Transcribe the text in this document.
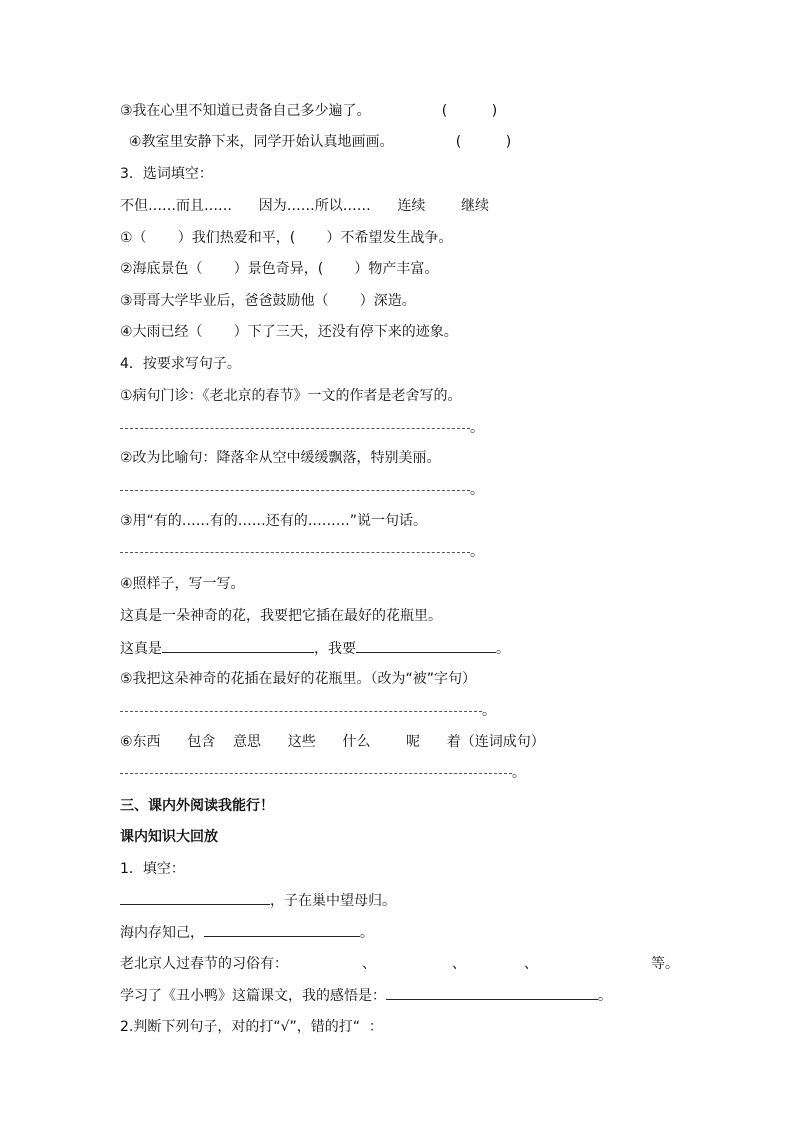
③我在心里不知道已责备自己多少遍了。                (          )
④教室里安静下来，同学开始认真地画画。              (          )
3．选词填空：
不但……而且……      因为……所以……      连续        继续
①（       ）我们热爱和平，(       ）不希望发生战争。
②海底景色（       ）景色奇异，(       ）物产丰富。
③哥哥大学毕业后，爸爸鼓励他（       ）深造。
④大雨已经（       ）下了三天，还没有停下来的迹象。
4．按要求写句子。
①病句门诊：《老北京的春节》一文的作者是老舍写的。
。
②改为比喻句：降落伞从空中缓缓飘落，特别美丽。
。
③用“有的……有的……还有的………”说一句话。
。
④照样子，写一写。
这真是一朵神奇的花，我要把它插在最好的花瓶里。
这真是	，我要	。
⑤我把这朵神奇的花插在最好的花瓶里。（改为“被”字句）
。
⑥东西      包含    意思      这些      什么        呢      着（连词成句）
。
三、课内外阅读我能行！
课内知识大回放
1．填空：
，子在巢中望母归。
海内存知己，	。
老北京人过春节的习俗有：	、	、	、	等。
学习了《丑小鸭》这篇课文，我的感悟是：	。
2.判断下列句子，对的打“√”，错的打“  ：
